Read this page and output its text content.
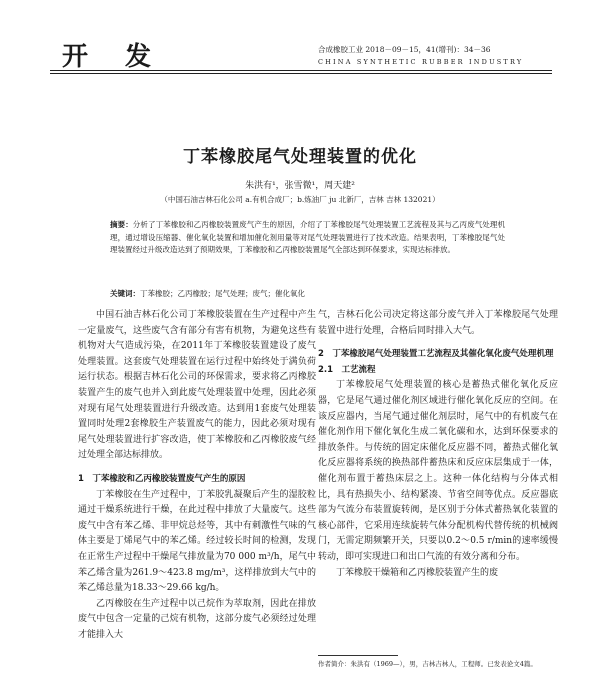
开 发	合成橡胶工业 2018－09－15，41(增刊)：34－36
CHINA SYNTHETIC RUBBER INDUSTRY
丁苯橡胶尾气处理装置的优化
朱洪有¹，张雪微¹，周天建²
（中国石油吉林石化公司 a.有机合成厂；b.炼油厂 ju 北新厂，吉林 吉林 132021）
摘要：分析了丁苯橡胶和乙丙橡胶装置废气产生的原因，介绍了丁苯橡胶尾气处理装置工艺流程及其与乙丙废气处理机理，通过增设压缩器、催化氧化装置和增加催化剂用量等对尾气处理装置进行了技术改造。结果表明，丁苯橡胶尾气处理装置经过升级改造达到了预期效果，丁苯橡胶和乙丙橡胶装置尾气全部达到环保要求，实现达标排放。
关键词：丁苯橡胶；乙丙橡胶；尾气处理；废气；催化氧化

中国石油吉林石化公司丁苯橡胶装置在生产过程中产生一定量废气，这些废气含有部分有害有机物，为避免这些有机物对大气造成污染，在2011年丁苯橡胶装置建设了废气处理装置。这套废气处理装置在运行过程中始终处于满负荷运行状态。根据吉林石化公司的环保需求，要求将乙丙橡胶装置产生的废气也并入到此废气处理装置中处理，因此必须对现有尾气处理装置进行升级改造。达到用1套废气处理装置同时处理2套橡胶生产装置废气的能力，因此必须对现有尾气处理装置进行扩容改造，使丁苯橡胶和乙丙橡胶废气经过处理全部达标排放。

1　丁苯橡胶和乙丙橡胶装置废气产生的原因

丁苯橡胶在生产过程中，丁苯胶乳凝聚后产生的湿胶粒通过干燥系统进行干燥，在此过程中排放了大量废气。这些废气中含有苯乙烯、非甲烷总烃等，其中有刺激性气味的气体主要是丁烯尾气中的苯乙烯。经过较长时间的检测，发现在正常生产过程中干燥尾气排放量为70 000 m³/h，尾气中苯乙烯含量为261.9～423.8 mg/m³，这样排放到大气中的苯乙烯总量为18.33～29.66 kg/h。

乙丙橡胶在生产过程中以己烷作为萃取剂，因此在排放废气中包含一定量的己烷有机物，这部分废气必须经过处理才能排入大

气，吉林石化公司决定将这部分废气并入丁苯橡胶尾气处理装置中进行处理，合格后同时排入大气。

2　丁苯橡胶尾气处理装置工艺流程及其催化氧化废气处理机理
2.1　工艺流程

丁苯橡胶尾气处理装置的核心是蓄热式催化氧化反应器，它是尾气通过催化剂区域进行催化氧化反应的空间。在该反应器内，当尾气通过催化剂层时，尾气中的有机废气在催化剂作用下催化氧化生成二氧化碳和水，达到环保要求的排放条件。与传统的固定床催化反应器不同，蓄热式催化氧化反应器将系统的换热部件蓄热床和反应床层集成于一体，催化剂布置于蓄热床层之上。这种一体化结构与分体式相比，具有热损失小、结构紧凑、节省空间等优点。反应器底部为气流分布装置旋转阀，是区别于分体式蓄热氧化装置的核心部件，它采用连续旋转气体分配机构代替传统的机械阀门，无需定期频繁开关，只要以0.2～0.5 r/min的速率缓慢转动，即可实现进口和出口气流的有效分离和分布。

丁苯橡胶干燥箱和乙丙橡胶装置产生的废

作者简介：朱洪有（1969—），男，吉林吉林人，工程师。已发表论文4篇。
